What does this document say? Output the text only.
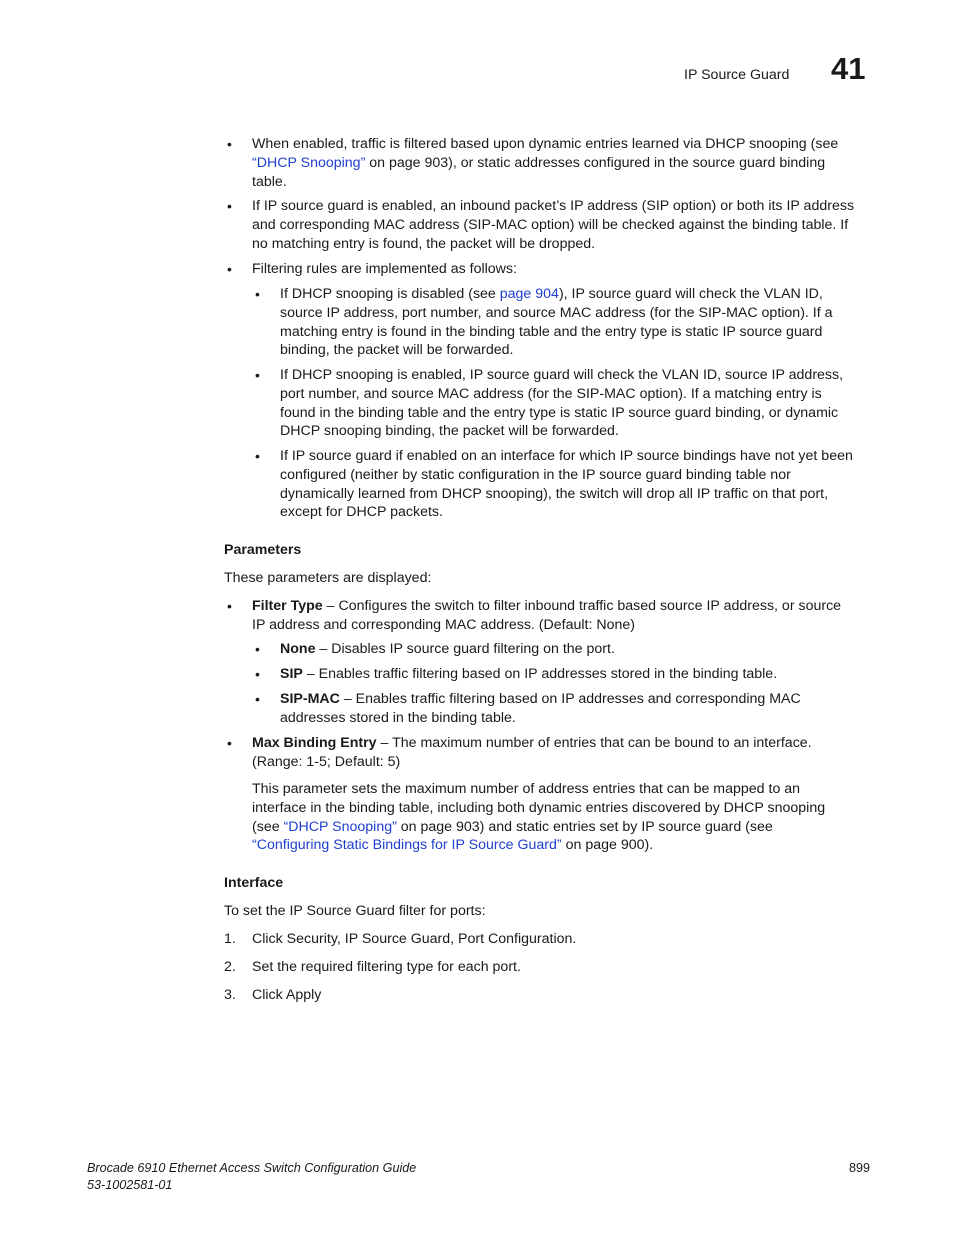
IP Source Guard 41
• When enabled, traffic is filtered based upon dynamic entries learned via DHCP snooping (see
“DHCP Snooping” on page 903), or static addresses configured in the source guard binding
table.
• If IP source guard is enabled, an inbound packet’s IP address (SIP option) or both its IP address
and corresponding MAC address (SIP-MAC option) will be checked against the binding table. If
no matching entry is found, the packet will be dropped.
• Filtering rules are implemented as follows:
• If DHCP snooping is disabled (see page 904), IP source guard will check the VLAN ID,
source IP address, port number, and source MAC address (for the SIP-MAC option). If a
matching entry is found in the binding table and the entry type is static IP source guard
binding, the packet will be forwarded.
• If DHCP snooping is enabled, IP source guard will check the VLAN ID, source IP address,
port number, and source MAC address (for the SIP-MAC option). If a matching entry is
found in the binding table and the entry type is static IP source guard binding, or dynamic
DHCP snooping binding, the packet will be forwarded.
• If IP source guard if enabled on an interface for which IP source bindings have not yet been
configured (neither by static configuration in the IP source guard binding table nor
dynamically learned from DHCP snooping), the switch will drop all IP traffic on that port,
except for DHCP packets.
Parameters
These parameters are displayed:
• Filter Type – Configures the switch to filter inbound traffic based source IP address, or source
IP address and corresponding MAC address. (Default: None)
• None – Disables IP source guard filtering on the port.
• SIP – Enables traffic filtering based on IP addresses stored in the binding table.
• SIP-MAC – Enables traffic filtering based on IP addresses and corresponding MAC
addresses stored in the binding table.
• Max Binding Entry – The maximum number of entries that can be bound to an interface.
(Range: 1-5; Default: 5)
This parameter sets the maximum number of address entries that can be mapped to an
interface in the binding table, including both dynamic entries discovered by DHCP snooping
(see “DHCP Snooping” on page 903) and static entries set by IP source guard (see
“Configuring Static Bindings for IP Source Guard” on page 900).
Interface
To set the IP Source Guard filter for ports:
1. Click Security, IP Source Guard, Port Configuration.
2. Set the required filtering type for each port.
3. Click Apply
Brocade 6910 Ethernet Access Switch Configuration Guide
53-1002581-01
899
